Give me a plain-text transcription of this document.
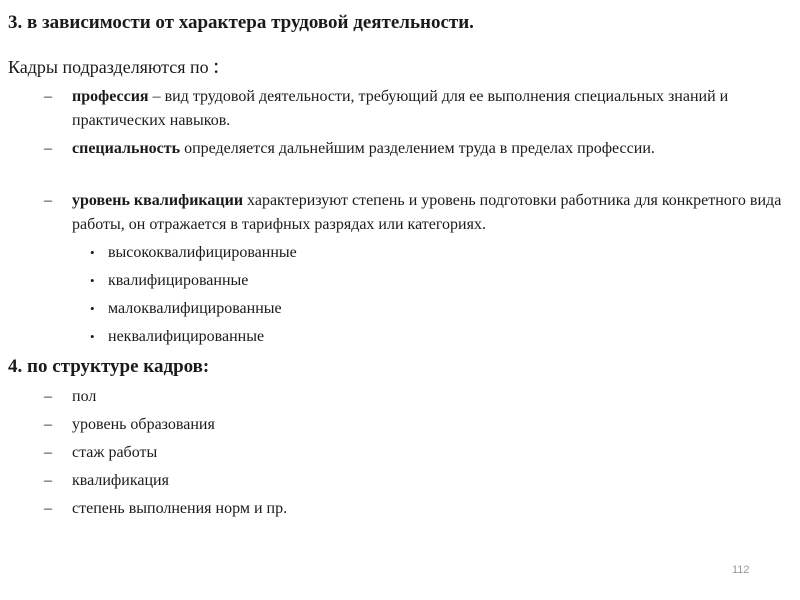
3. в зависимости от характера трудовой деятельности.
Кадры подразделяются по :
–	профессия – вид трудовой деятельности, требующий для ее выполнения специальных знаний и практических навыков.
–	специальность определяется дальнейшим разделением труда в пределах профессии.
–	уровень квалификации характеризуют степень и уровень подготовки работника для конкретного вида работы, он отражается в тарифных разрядах или категориях.
• высококвалифицированные
• квалифицированные
• малоквалифицированные
• неквалифицированные
4. по структуре кадров:
–	пол
–	уровень образования
–	стаж работы
–	квалификация
–	степень выполнения норм и пр.
112
